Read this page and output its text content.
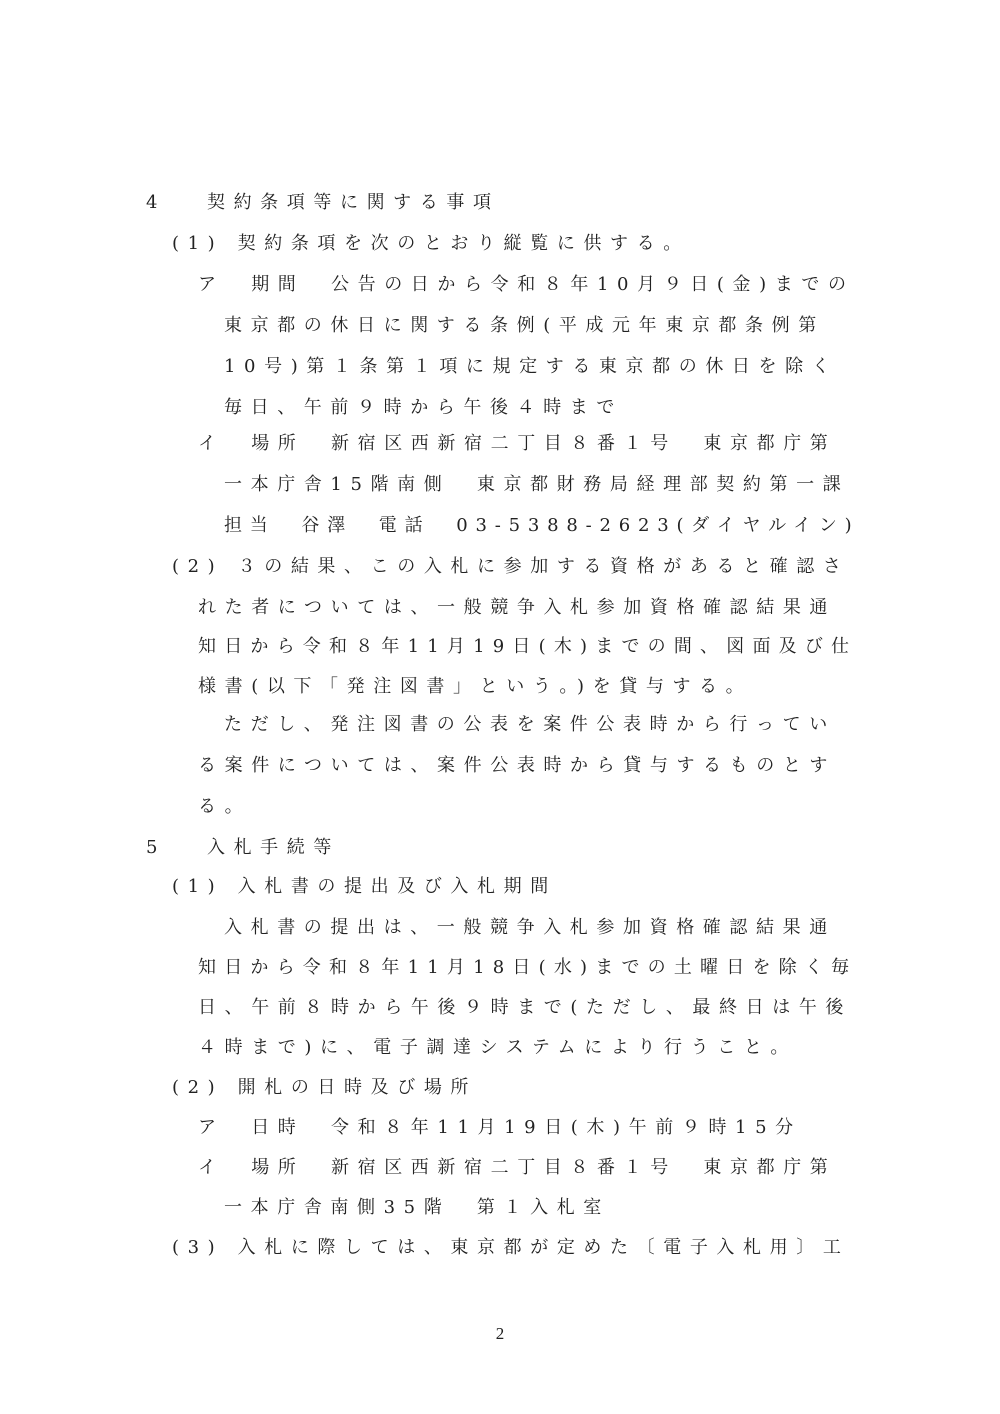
4　 契約条項等に関する事項
(1) 契約条項を次のとおり縦覧に供する。
ア　期間　公告の日から令和８年10月９日(金)までの
東京都の休日に関する条例(平成元年東京都条例第
10号)第１条第１項に規定する東京都の休日を除く
毎日、午前９時から午後４時まで
イ　場所　新宿区西新宿二丁目８番１号　東京都庁第
一本庁舎15階南側　東京都財務局経理部契約第一課
担当　谷澤　電話　03-5388-2623(ダイヤルイン)
(2) ３の結果、この入札に参加する資格があると確認さ
れた者については、一般競争入札参加資格確認結果通
知日から令和８年11月19日(木)までの間、図面及び仕
様書(以下「発注図書」という。)を貸与する。
ただし、発注図書の公表を案件公表時から行ってい
る案件については、案件公表時から貸与するものとす
る。
5　 入札手続等
(1) 入札書の提出及び入札期間
入札書の提出は、一般競争入札参加資格確認結果通
知日から令和８年11月18日(水)までの土曜日を除く毎
日、午前８時から午後９時まで(ただし、最終日は午後
４時まで)に、電子調達システムにより行うこと。
(2) 開札の日時及び場所
ア　日時　令和８年11月19日(木)午前９時15分
イ　場所　新宿区西新宿二丁目８番１号　東京都庁第
一本庁舎南側35階　第１入札室
(3) 入札に際しては、東京都が定めた〔電子入札用〕工
2
